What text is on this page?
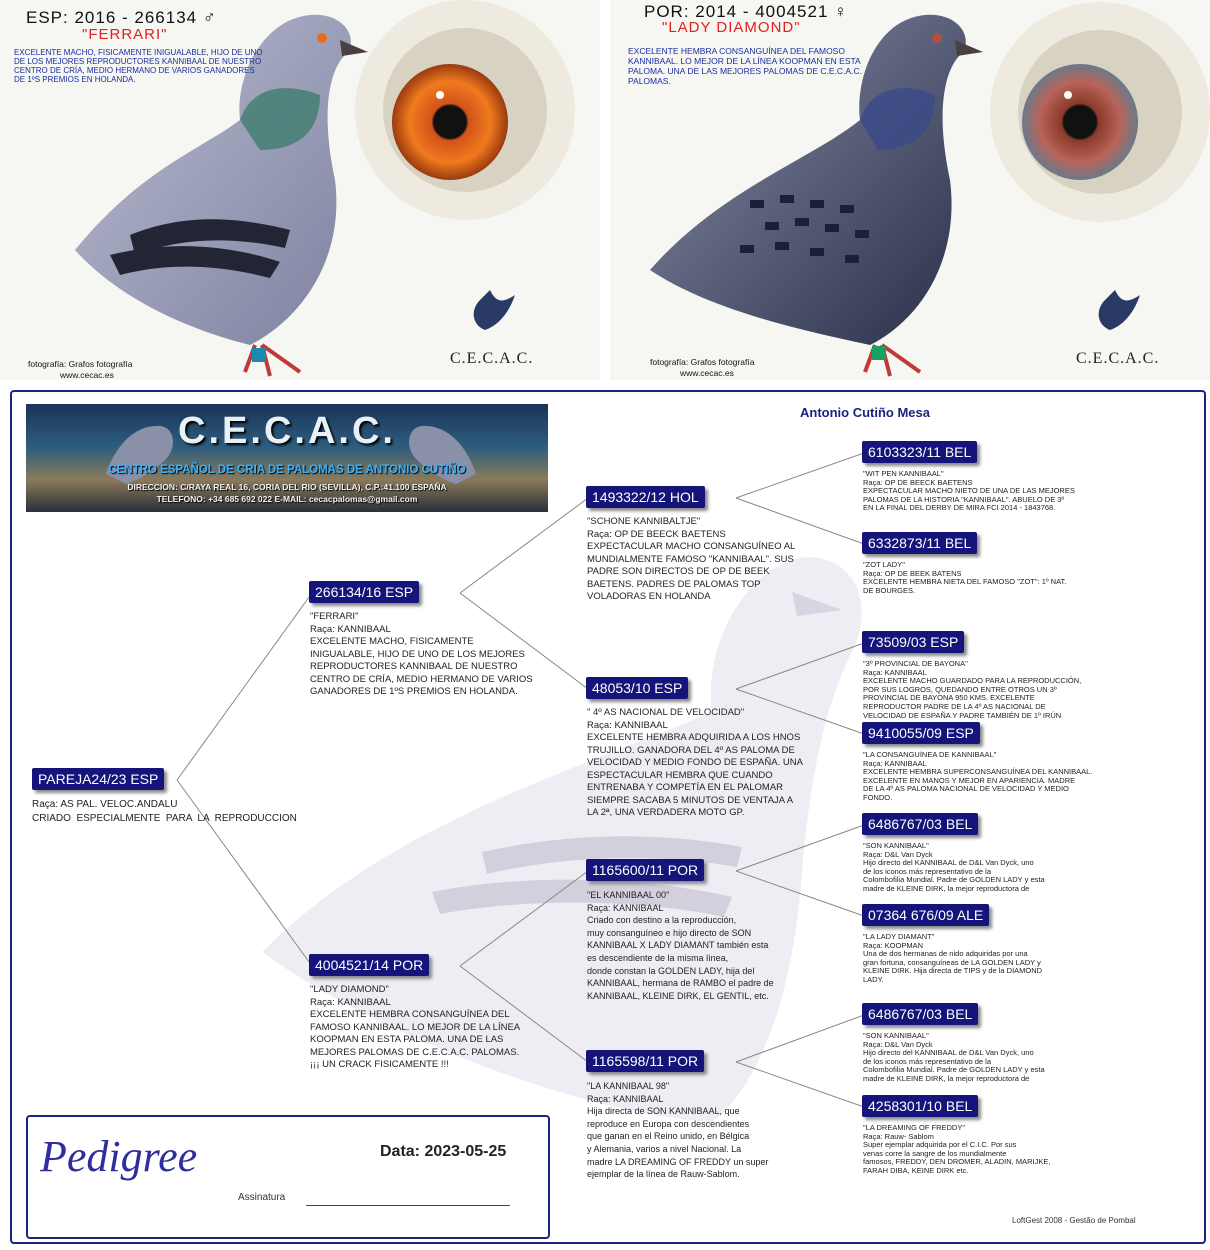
ESP: 2016 - 266134 ♂
"FERRARI"
EXCELENTE MACHO, FISICAMENTE INIGUALABLE, HIJO DE UNO DE LOS MEJORES REPRODUCTORES KANNIBAAL DE NUESTRO CENTRO DE CRÍA, MEDIO HERMANO DE VARIOS GANADORES DE 1ºS PREMIOS EN HOLANDA.
fotografía: Grafos fotografía
www.cecac.es
C.E.C.A.C.
POR: 2014 - 4004521 ♀
"LADY DIAMOND"
EXCELENTE HEMBRA CONSANGUÍNEA DEL FAMOSO KANNIBAAL. LO MEJOR DE LA LÍNEA KOOPMAN EN ESTA PALOMA. UNA DE LAS MEJORES PALOMAS DE C.E.C.A.C. PALOMAS.
fotografía: Grafos fotografía
www.cecac.es
C.E.C.A.C.
C.E.C.A.C.
CENTRO ESPAÑOL DE CRIA DE PALOMAS DE ANTONIO CUTIÑO
DIRECCION: C/RAYA REAL 16, CORIA DEL RIO (SEVILLA), C.P.:41.100 ESPAÑA
TELEFONO: +34 685 692 022 E-MAIL: cecacpalomas@gmail.com
Antonio Cutiño Mesa
PAREJA24/23 ESP
Raça: AS PAL. VELOC.ANDALU
CRIADO  ESPECIALMENTE  PARA  LA  REPRODUCCION
266134/16 ESP
"FERRARI"
Raça: KANNIBAAL
EXCELENTE MACHO, FISICAMENTE
INIGUALABLE, HIJO DE UNO DE LOS MEJORES
REPRODUCTORES KANNIBAAL DE NUESTRO
CENTRO DE CRÍA, MEDIO HERMANO DE VARIOS
GANADORES DE 1ºS PREMIOS EN HOLANDA.
4004521/14 POR
"LADY DIAMOND"
Raça: KANNIBAAL
EXCELENTE HEMBRA CONSANGUÍNEA DEL
FAMOSO KANNIBAAL. LO MEJOR DE LA LÍNEA
KOOPMAN EN ESTA PALOMA. UNA DE LAS
MEJORES PALOMAS DE C.E.C.A.C. PALOMAS.
¡¡¡ UN CRACK FISICAMENTE !!!
1493322/12 HOL
"SCHONE KANNIBALTJE"
Raça: OP DE BEECK BAETENS
EXPECTACULAR MACHO CONSANGUÍNEO AL
MUNDIALMENTE FAMOSO "KANNIBAAL". SUS
PADRE SON DIRECTOS DE OP DE BEEK
BAETENS. PADRES DE PALOMAS TOP
VOLADORAS EN HOLANDA
48053/10 ESP
" 4º AS NACIONAL DE VELOCIDAD"
Raça: KANNIBAAL
EXCELENTE HEMBRA ADQUIRIDA A LOS HNOS
TRUJILLO. GANADORA DEL 4º AS PALOMA DE
VELOCIDAD Y MEDIO FONDO DE ESPAÑA. UNA
ESPECTACULAR HEMBRA QUE CUANDO
ENTRENABA Y COMPETÍA EN EL PALOMAR
SIEMPRE SACABA 5 MINUTOS DE VENTAJA A
LA 2ª, UNA VERDADERA MOTO GP.
1165600/11 POR
"EL KANNIBAAL 00"
Raça: KANNIBAAL
Criado con destino a la reproducción,
muy consanguíneo e hijo directo de SON
KANNIBAAL X LADY DIAMANT también esta
es descendiente de la misma línea,
donde constan la GOLDEN LADY, hija del
KANNIBAAL, hermana de RAMBO el padre de
KANNIBAAL, KLEINE DIRK, EL GENTIL, etc.
1165598/11 POR
"LA KANNIBAAL 98"
Raça: KANNIBAAL
Hija directa de SON KANNIBAAL, que
reproduce en Europa con descendientes
que ganan en el Reino unido, en Bélgica
y Alemania, varios a nivel Nacional. La
madre LA DREAMING OF FREDDY un super
ejemplar de la línea de Rauw-Sablom.
6103323/11 BEL
"WIT PEN KANNIBAAL"
Raça: OP DE BEECK BAETENS
EXPECTACULAR MACHO NIETO DE UNA DE LAS MEJORES
PALOMAS DE LA HISTORIA "KANNIBAAL". ABUELO DE 3º
EN LA FINAL DEL DERBY DE MIRA FCI 2014 - 1843768.
6332873/11 BEL
"ZOT LADY"
Raça: OP DE BEEK BATENS
EXCELENTE HEMBRA NIETA DEL FAMOSO "ZOT": 1º NAT.
DE BOURGES.
73509/03 ESP
"3º PROVINCIAL DE BAYONA"
Raça: KANNIBAAL
EXCELENTE MACHO GUARDADO PARA LA REPRODUCCIÓN,
POR SUS LOGROS, QUEDANDO ENTRE OTROS UN 3º
PROVINCIAL DE BAYONA 950 KMS. EXCELENTE
REPRODUCTOR PADRE DE LA 4º AS NACIONAL DE
VELOCIDAD DE ESPAÑA Y PADRE TAMBIÉN DE 1º IRÚN
9410055/09 ESP
"LA CONSANGUÍNEA DE KANNIBAAL"
Raça: KANNIBAAL
EXCELENTE HEMBRA SUPERCONSANGUÍNEA DEL KANNIBAAL.
EXCELENTE EN MANOS Y MEJOR EN APARIENCIA. MADRE
DE LA 4º AS PALOMA NACIONAL DE VELOCIDAD Y MEDIO
FONDO.
6486767/03 BEL
"SON KANNIBAAL"
Raça: D&L Van Dyck
Hijo directo del KANNIBAAL de D&L Van Dyck, uno
de los iconos más representativo de la
Colombofilia Mundial. Padre de GOLDEN LADY y esta
madre de KLEINE DIRK, la mejor reproductora de
07364 676/09 ALE
"LA LADY DIAMANT"
Raça: KOOPMAN
Una de dos hermanas de nido adquiridas por una
gran fortuna, consanguíneas de LA GOLDEN LADY y
KLEINE DIRK. Hija directa de TIPS y de la DIAMOND
LADY.
6486767/03 BEL
"SON KANNIBAAL"
Raça: D&L Van Dyck
Hijo directo del KANNIBAAL de D&L Van Dyck, uno
de los iconos más representativo de la
Colombofilia Mundial. Padre de GOLDEN LADY y esta
madre de KLEINE DIRK, la mejor reproductora de
4258301/10 BEL
"LA DREAMING OF FREDDY"
Raça: Rauw- Sablom
Super ejemplar adquirida por el C.I.C. Por sus
venas corre la sangre de los mundialmente
famosos, FREDDY, DEN DROMER, ALADIN, MARIJKE,
FARAH DIBA, KEINE DIRK etc.
Pedigree	Data: 2023-05-25
Assinatura
LoftGest 2008 - Gestão de Pombal
